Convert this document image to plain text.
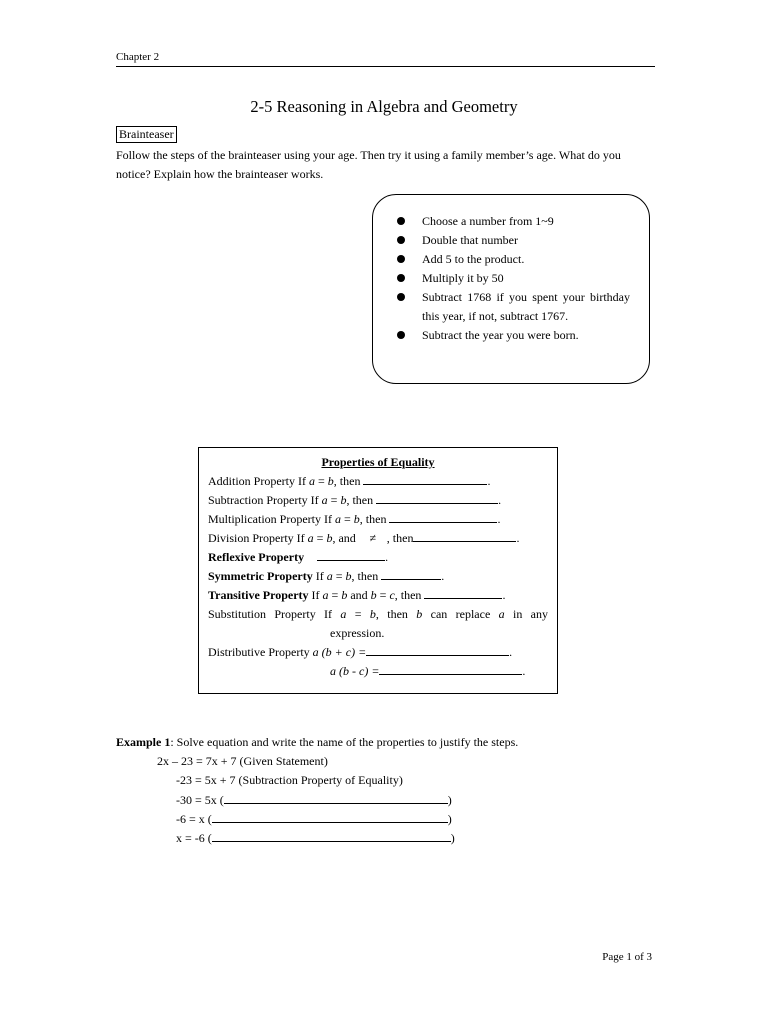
Chapter 2
2-5 Reasoning in Algebra and Geometry
Brainteaser
Follow the steps of the brainteaser using your age. Then try it using a family member’s age. What do you notice? Explain how the brainteaser works.
Choose a number from 1~9
Double that number
Add 5 to the product.
Multiply it by 50
Subtract 1768 if you spent your birthday this year, if not, subtract 1767.
Subtract the year you were born.
Properties of Equality
Addition Property If a = b, then	.
Subtraction Property If a = b, then	.
Multiplication Property If a = b, then	.
Division Property If a = b, and ≠ , then	.
Reflexive Property	.
Symmetric Property If a = b, then	.
Transitive Property If a = b and b = c, then	.
Substitution Property If a = b, then b can replace a in any
expression.
Distributive Property a (b + c) =	.
a (b - c) =	.
Example 1: Solve equation and write the name of the properties to justify the steps.
2x – 23 = 7x + 7 (Given Statement)
-23 = 5x + 7 (Subtraction Property of Equality)
-30 = 5x (	)
-6 = x (	)
x = -6 (	)
Page 1 of 3
